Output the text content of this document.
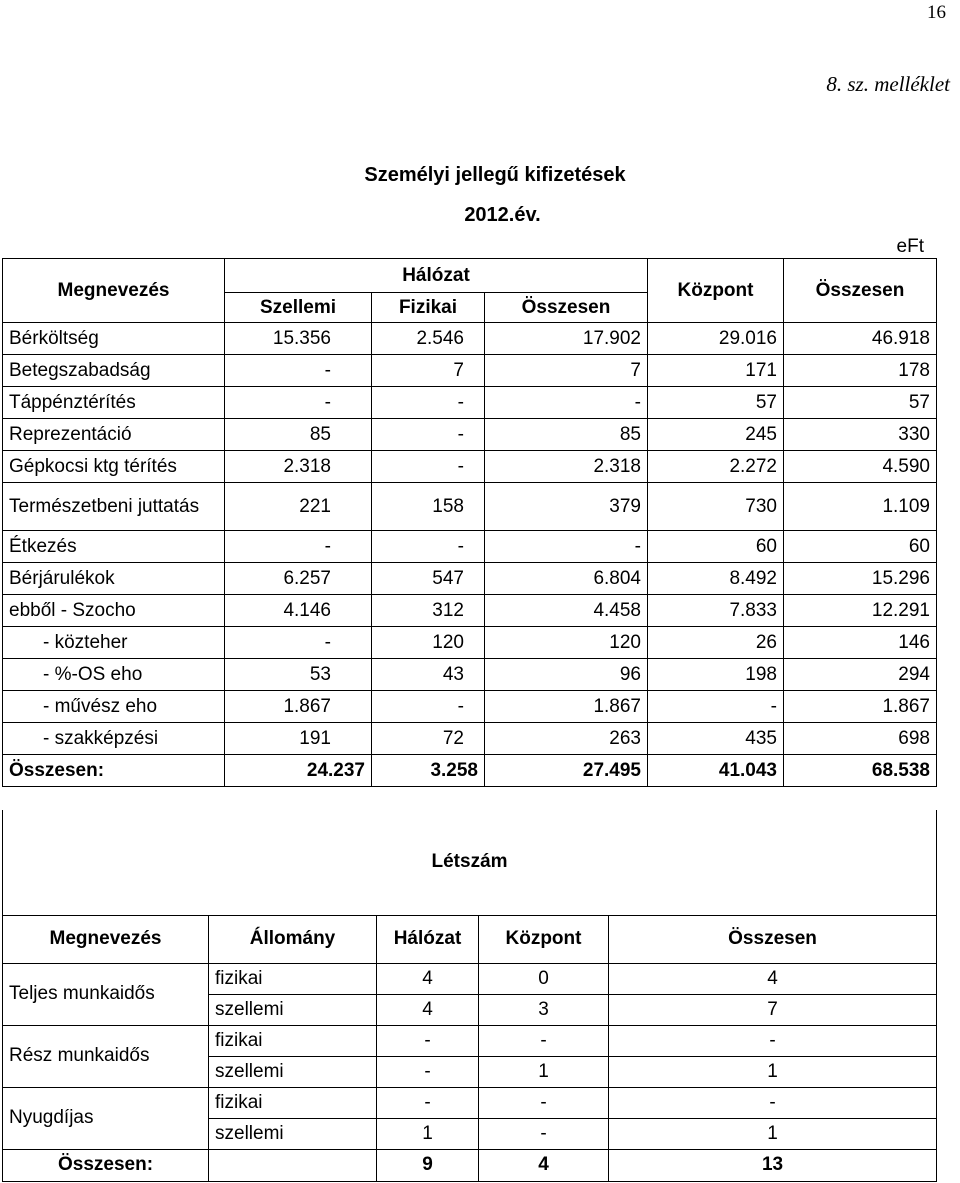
16
8. sz. melléklet
Személyi jellegű kifizetések
2012.év.
eFt
Megnevezés	Hálózat			Központ	Összesen
	Szellemi	Fizikai	Összesen		
Bérköltség	15.356	2.546	17.902	29.016	46.918
Betegszabadság	-	7	7	171	178
Táppénztérítés	-	-	-	57	57
Reprezentáció	85	-	85	245	330
Gépkocsi ktg térítés	2.318	-	2.318	2.272	4.590
Természetbeni juttatás	221	158	379	730	1.109
Étkezés	-	-	-	60	60
Bérjárulékok	6.257	547	6.804	8.492	15.296
ebből - Szocho	4.146	312	4.458	7.833	12.291
- közteher	-	120	120	26	146
- %-OS eho	53	43	96	198	294
- művész eho	1.867	-	1.867	-	1.867
- szakképzési	191	72	263	435	698
Összesen:	24.237	3.258	27.495	41.043	68.538
Létszám				
Megnevezés	Állomány	Hálózat	Központ	Összesen
Teljes munkaidős	fizikai	4	0	4
	szellemi	4	3	7
Rész munkaidős	fizikai	-	-	-
	szellemi	-	1	1
Nyugdíjas	fizikai	-	-	-
	szellemi	1	-	1
Összesen:		9	4	13
